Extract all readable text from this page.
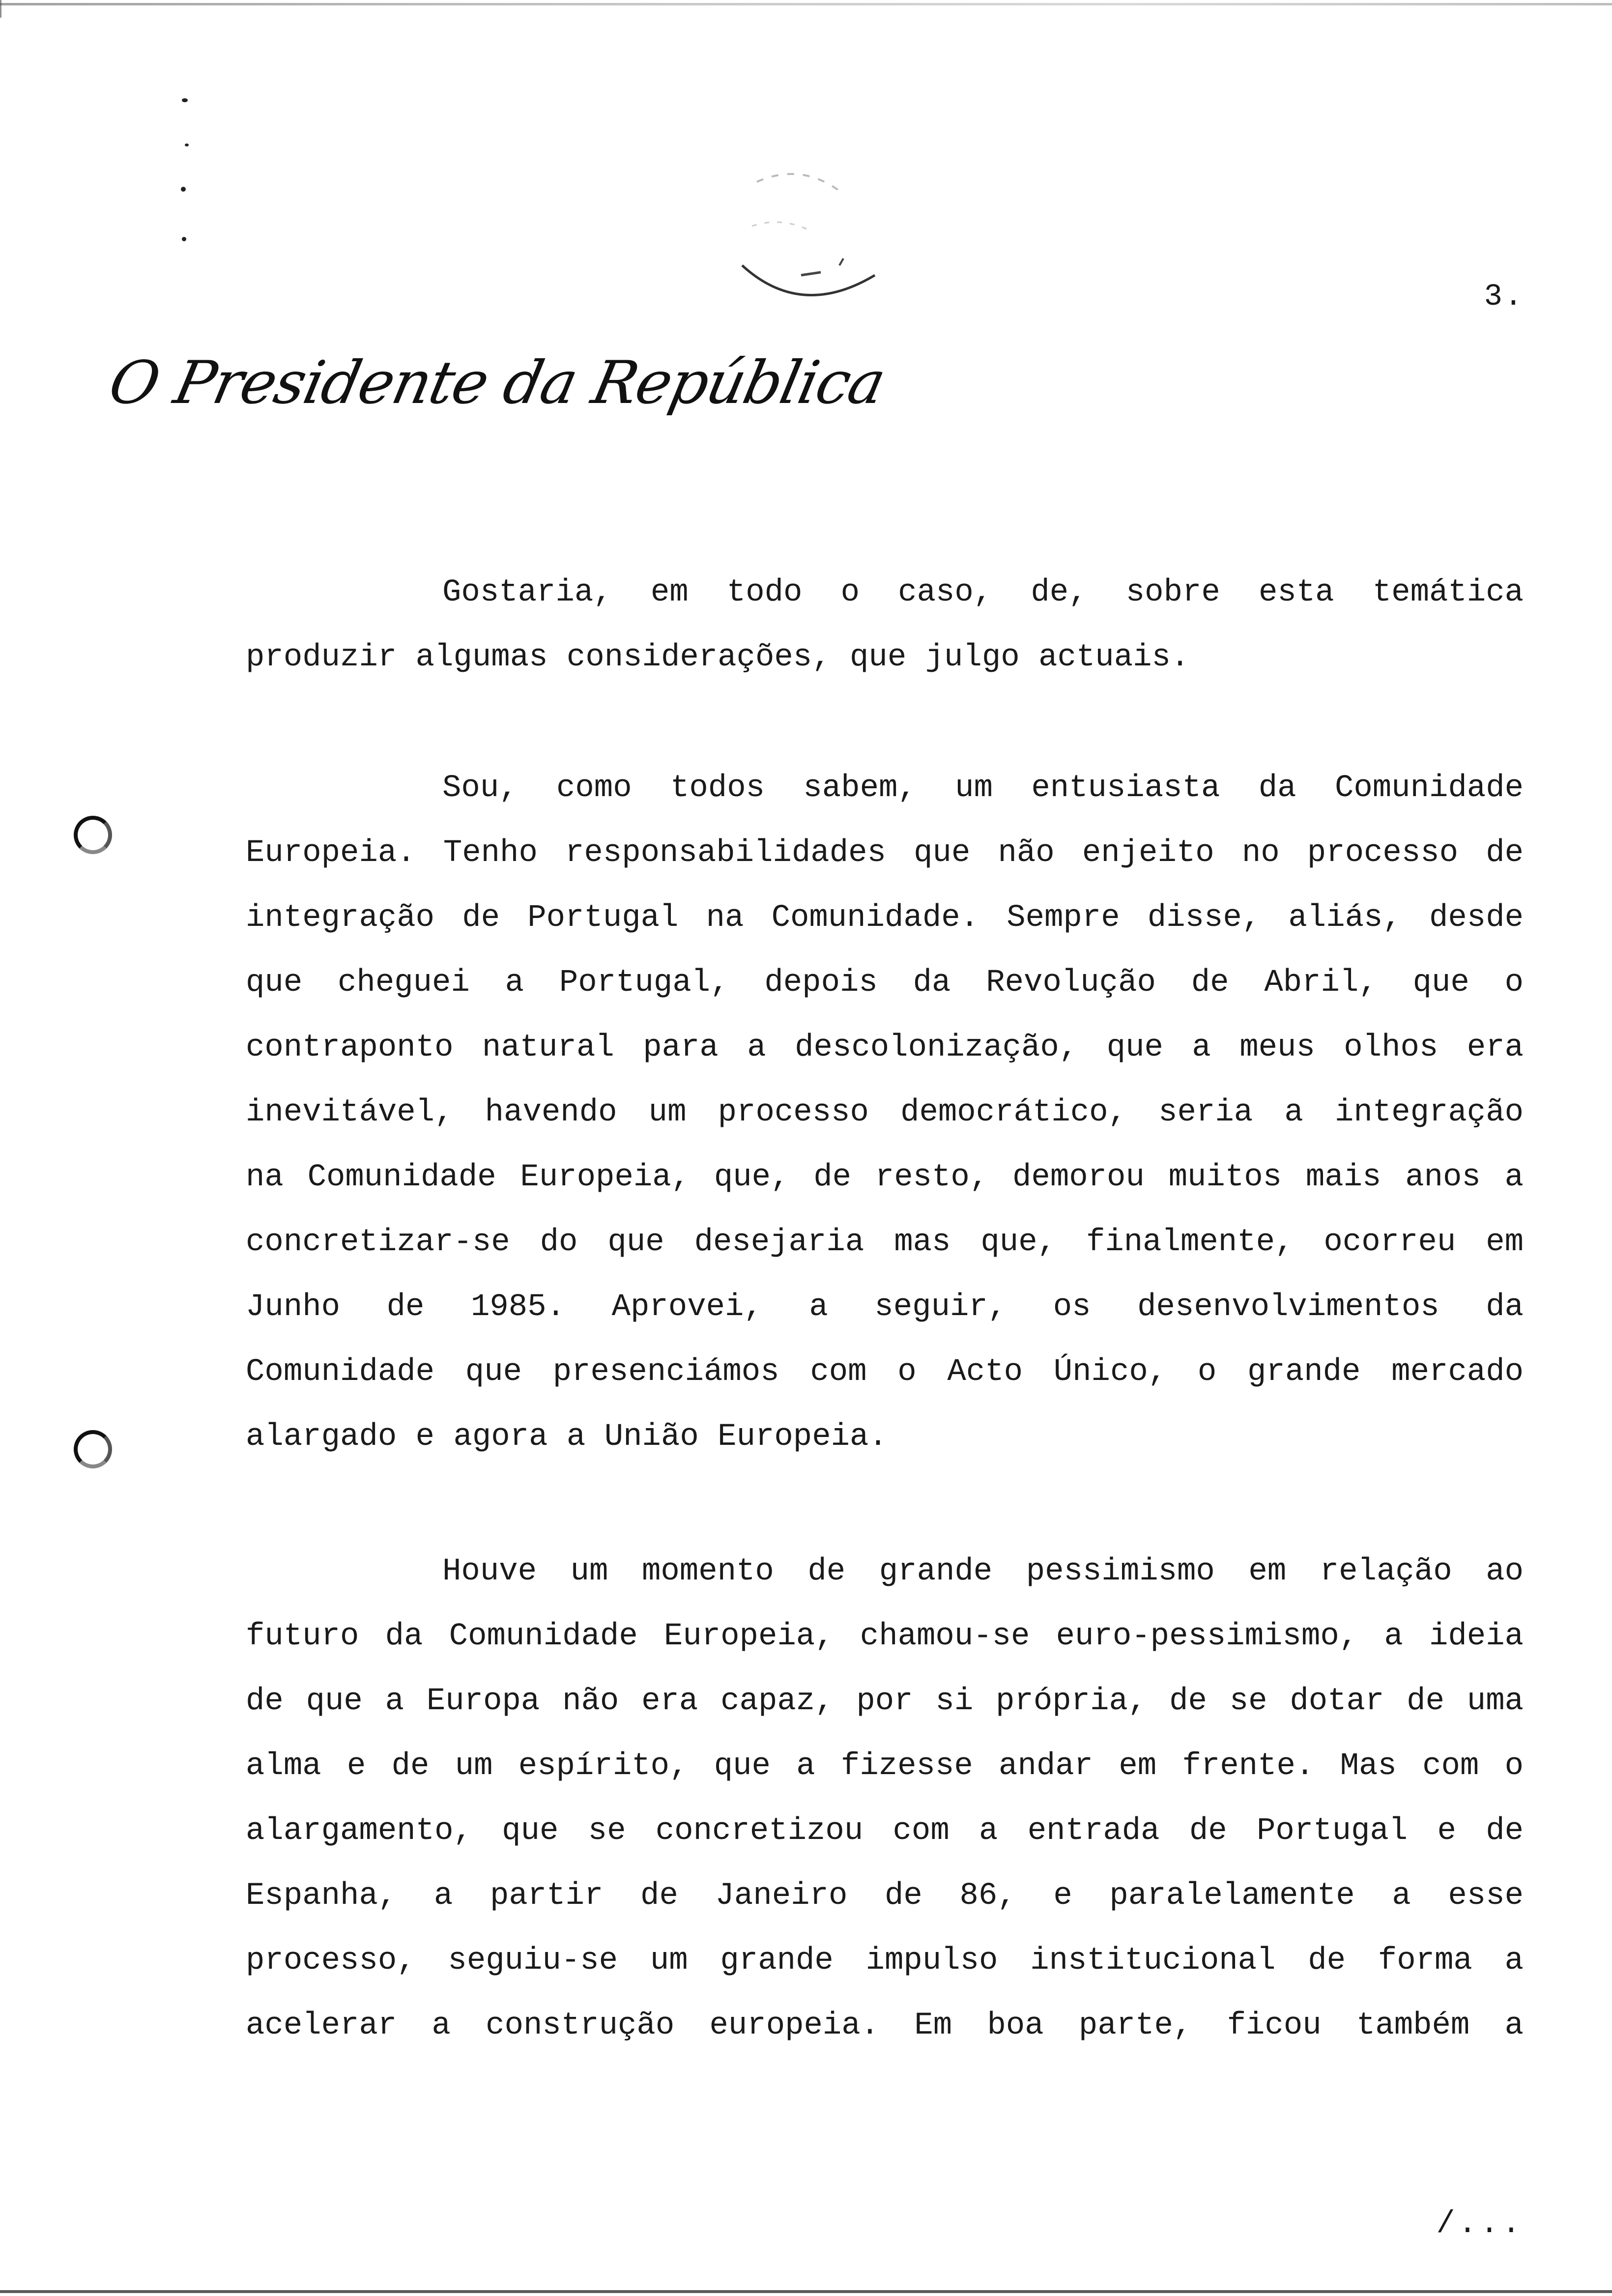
3.
O Presidente da República
Gostaria, em todo o caso, de, sobre esta temática
produzir algumas considerações, que julgo actuais.
Sou, como todos sabem, um entusiasta da Comunidade
Europeia. Tenho responsabilidades que não enjeito no processo de
integração de Portugal na Comunidade. Sempre disse, aliás, desde
que cheguei a Portugal, depois da Revolução de Abril, que o
contraponto natural para a descolonização, que a meus olhos era
inevitável, havendo um processo democrático, seria a integração
na Comunidade Europeia, que, de resto, demorou muitos mais anos a
concretizar-se do que desejaria mas que, finalmente, ocorreu em
Junho de 1985. Aprovei, a seguir, os desenvolvimentos da
Comunidade que presenciámos com o Acto Único, o grande mercado
alargado e agora a União Europeia.
Houve um momento de grande pessimismo em relação ao
futuro da Comunidade Europeia, chamou-se euro-pessimismo, a ideia
de que a Europa não era capaz, por si própria, de se dotar de uma
alma e de um espírito, que a fizesse andar em frente. Mas com o
alargamento, que se concretizou com a entrada de Portugal e de
Espanha, a partir de Janeiro de 86, e paralelamente a esse
processo, seguiu-se um grande impulso institucional de forma a
acelerar a construção europeia. Em boa parte, ficou também a
/...
